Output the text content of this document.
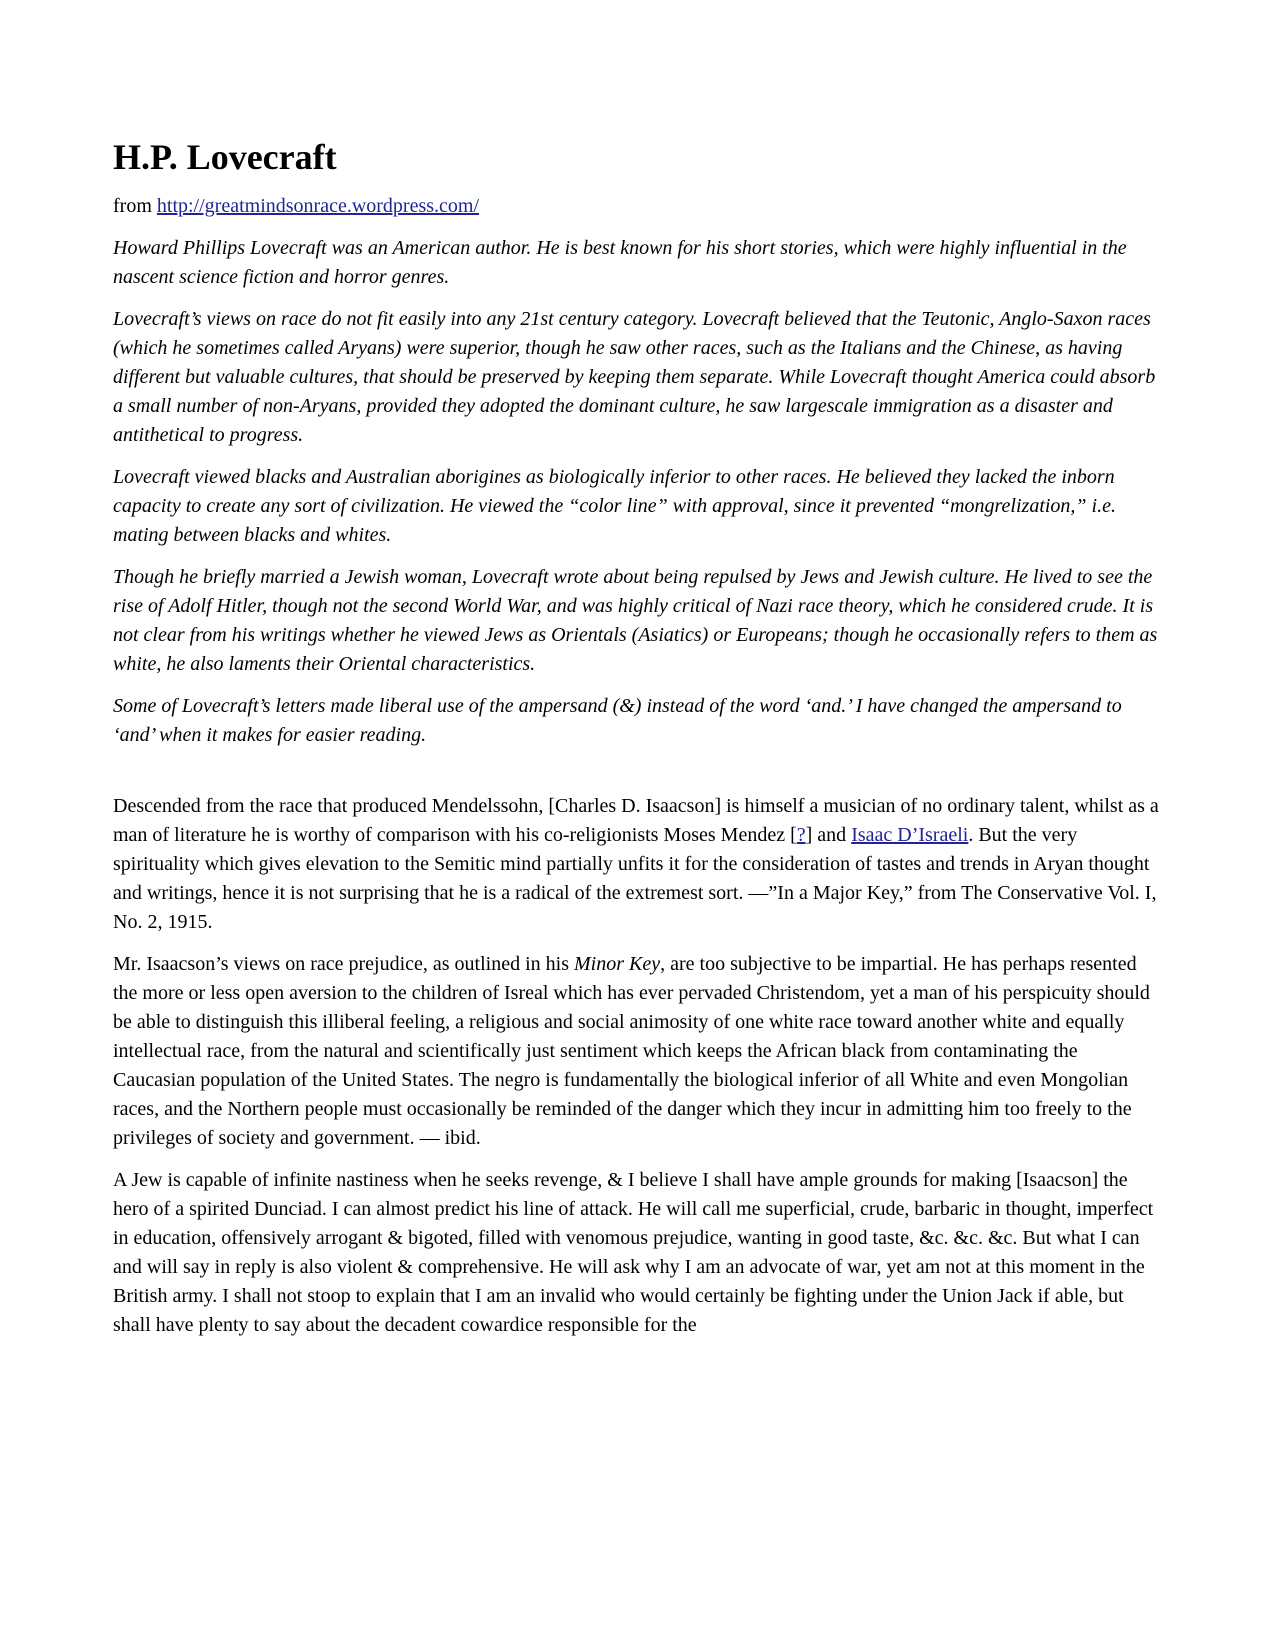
H.P. Lovecraft

from http://greatmindsonrace.wordpress.com/

Howard Phillips Lovecraft was an American author. He is best known for his short stories, which were highly influential in the nascent science fiction and horror genres.

Lovecraft’s views on race do not fit easily into any 21st century category. Lovecraft believed that the Teutonic, Anglo-Saxon races (which he sometimes called Aryans) were superior, though he saw other races, such as the Italians and the Chinese, as having different but valuable cultures, that should be preserved by keeping them separate. While Lovecraft thought America could absorb a small number of non-Aryans, provided they adopted the dominant culture, he saw largescale immigration as a disaster and antithetical to progress.

Lovecraft viewed blacks and Australian aborigines as biologically inferior to other races. He believed they lacked the inborn capacity to create any sort of civilization. He viewed the “color line” with approval, since it prevented “mongrelization,” i.e. mating between blacks and whites.

Though he briefly married a Jewish woman, Lovecraft wrote about being repulsed by Jews and Jewish culture. He lived to see the rise of Adolf Hitler, though not the second World War, and was highly critical of Nazi race theory, which he considered crude. It is not clear from his writings whether he viewed Jews as Orientals (Asiatics) or Europeans; though he occasionally refers to them as white, he also laments their Oriental characteristics.

Some of Lovecraft’s letters made liberal use of the ampersand (&) instead of the word ‘and.’ I have changed the ampersand to ‘and’ when it makes for easier reading.

Descended from the race that produced Mendelssohn, [Charles D. Isaacson] is himself a musician of no ordinary talent, whilst as a man of literature he is worthy of comparison with his co-religionists Moses Mendez [?] and Isaac D’Israeli. But the very spirituality which gives elevation to the Semitic mind partially unfits it for the consideration of tastes and trends in Aryan thought and writings, hence it is not surprising that he is a radical of the extremest sort. —”In a Major Key,” from The Conservative Vol. I, No. 2, 1915.

Mr. Isaacson’s views on race prejudice, as outlined in his Minor Key, are too subjective to be impartial. He has perhaps resented the more or less open aversion to the children of Isreal which has ever pervaded Christendom, yet a man of his perspicuity should be able to distinguish this illiberal feeling, a religious and social animosity of one white race toward another white and equally intellectual race, from the natural and scientifically just sentiment which keeps the African black from contaminating the Caucasian population of the United States. The negro is fundamentally the biological inferior of all White and even Mongolian races, and the Northern people must occasionally be reminded of the danger which they incur in admitting him too freely to the privileges of society and government. — ibid.

A Jew is capable of infinite nastiness when he seeks revenge, & I believe I shall have ample grounds for making [Isaacson] the hero of a spirited Dunciad. I can almost predict his line of attack. He will call me superficial, crude, barbaric in thought, imperfect in education, offensively arrogant & bigoted, filled with venomous prejudice, wanting in good taste, &c. &c. &c. But what I can and will say in reply is also violent & comprehensive. He will ask why I am an advocate of war, yet am not at this moment in the British army. I shall not stoop to explain that I am an invalid who would certainly be fighting under the Union Jack if able, but shall have plenty to say about the decadent cowardice responsible for the
